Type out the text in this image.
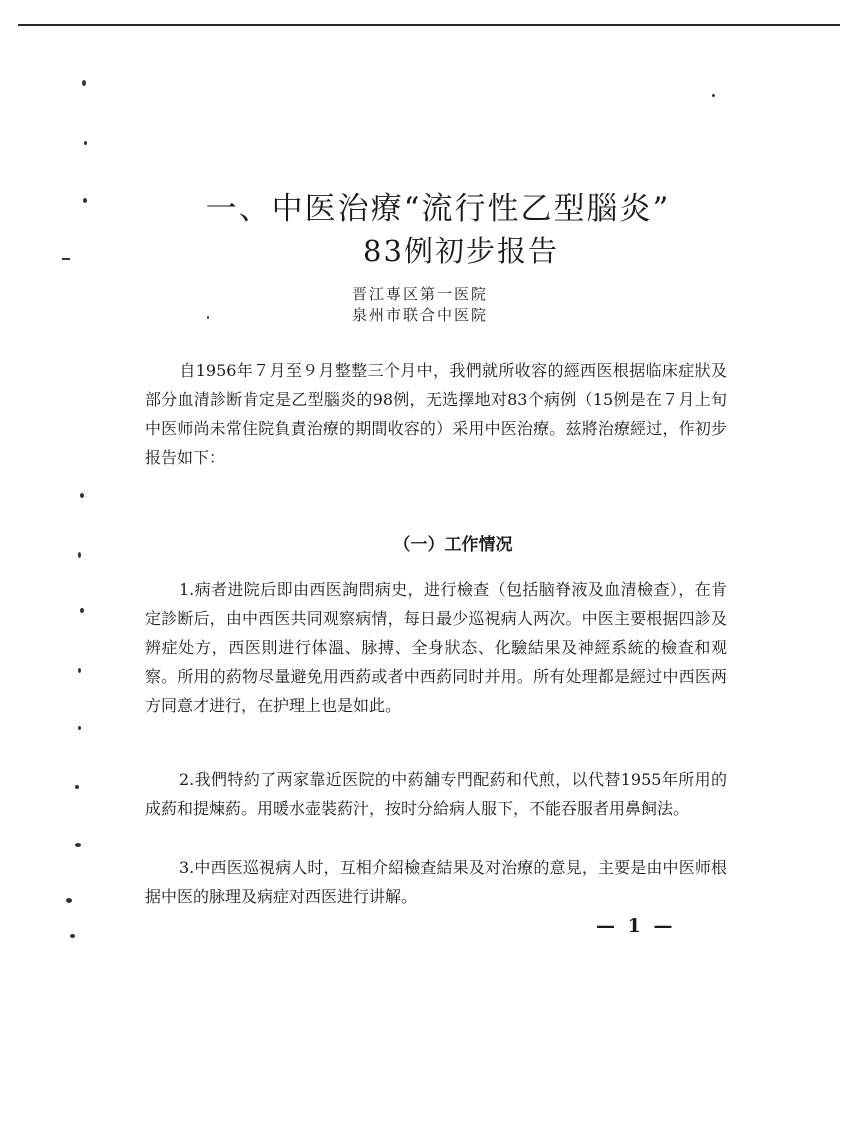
一、中医治療“流行性乙型腦炎”
83例初步报告
晋江専区第一医院
泉州市联合中医院
自1956年７月至９月整整三个月中，我們就所收容的經西医根据临床症狀及部分血清診断肯定是乙型腦炎的98例，无选擇地对83个病例（15例是在７月上旬中医师尚未常住院負責治療的期間收容的）采用中医治療。兹將治療經过，作初步报告如下：
（一）工作情况
1.病者进院后即由西医詢問病史，进行檢查（包括脑脊液及血清檢查），在肯定診断后，由中西医共同观察病情，每日最少巡視病人两次。中医主要根据四診及辨症处方，西医則进行体溫、脉搏、全身狀态、化驗結果及神經系統的檢查和观察。所用的葯物尽量避免用西葯或者中西葯同时并用。所有处理都是經过中西医两方同意才进行，在护理上也是如此。
2.我們特約了两家靠近医院的中葯舖专門配葯和代煎，以代替1955年所用的成葯和提煉葯。用暖水壶裝葯汁，按时分給病人服下，不能吞服者用鼻飼法。
3.中西医巡視病人时，互相介紹檢查結果及对治療的意見，主要是由中医师根据中医的脉理及病症对西医进行讲解。
— 1 —
